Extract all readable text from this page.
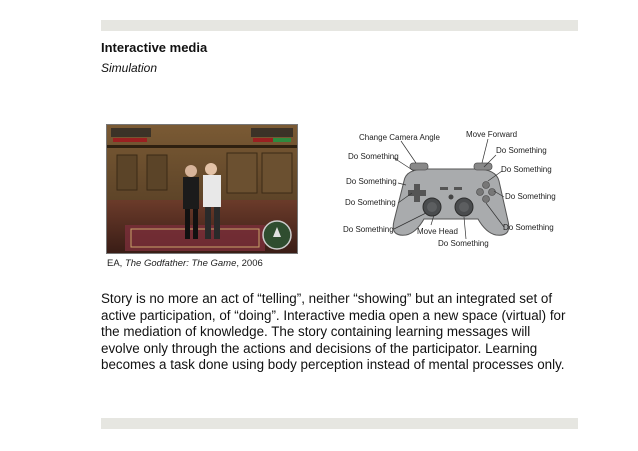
Interactive media
Simulation
EA, The Godfather: The Game, 2006
Change Camera Angle	Move Forward
Do Something
Do Something
Do Something
Do Something
Do Something
Do Something
Do Something	Do Something
Move Head
Do Something
Story is no more an act of “telling”, neither “showing” but an integrated set of active participation, of “doing”. Interactive media open a new space (virtual) for the mediation of knowledge. The story containing learning messages will evolve only through the actions and decisions of the participator. Learning becomes a task done using body perception instead of mental processes only.
